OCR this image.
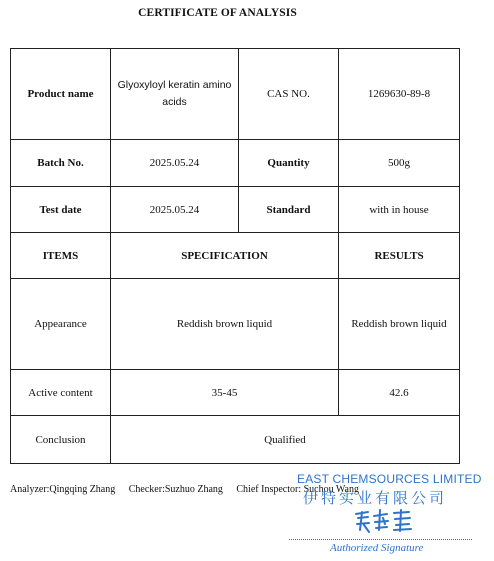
CERTIFICATE OF ANALYSIS
Product name	Glyoxyloyl keratin amino acids	CAS NO.	1269630-89-8
Batch No.	2025.05.24	Quantity	500g
Test date	2025.05.24	Standard	with in house
ITEMS	SPECIFICATION		RESULTS
Appearance	Reddish brown liquid		Reddish brown liquid
Active content	35-45		42.6
Conclusion	Qualified		
Analyzer:Qingqing Zhang Checker:Suzhuo Zhang Chief Inspector: Suchou Wang
EAST CHEMSOURCES LIMITED
伊特实业有限公司
Authorized Signature
